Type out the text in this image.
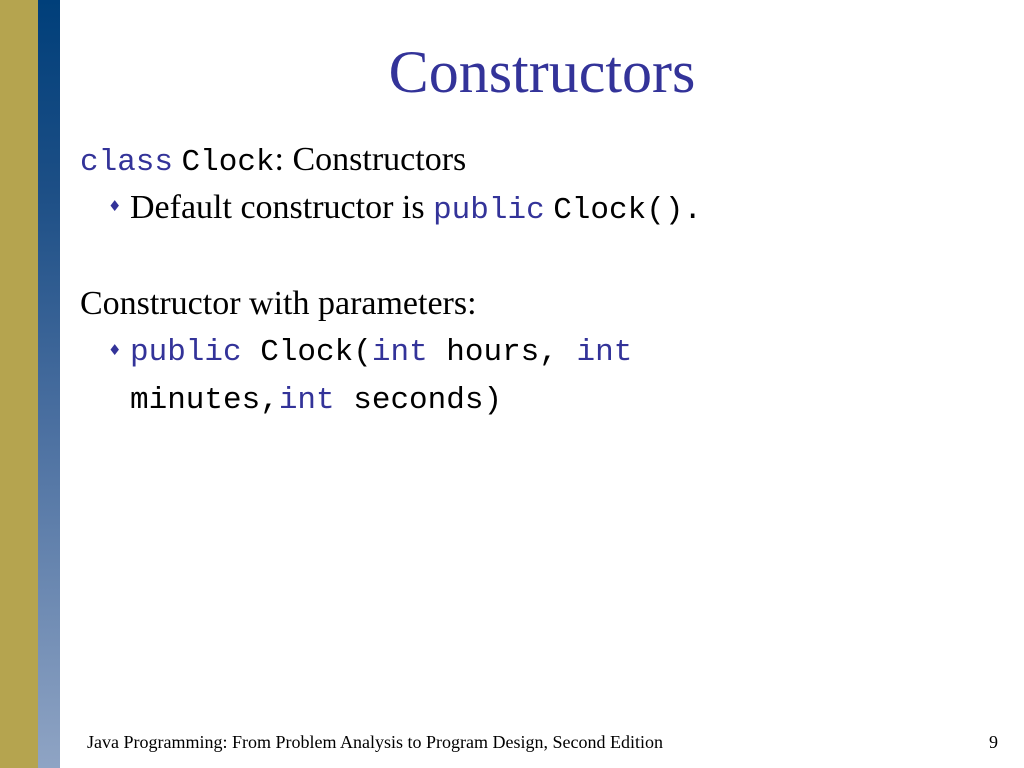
Constructors
class Clock: Constructors
♦ Default constructor is public Clock().
Constructor with parameters:
♦ public Clock(int hours, int
minutes,int seconds)
Java Programming: From Problem Analysis to Program Design, Second Edition	9
